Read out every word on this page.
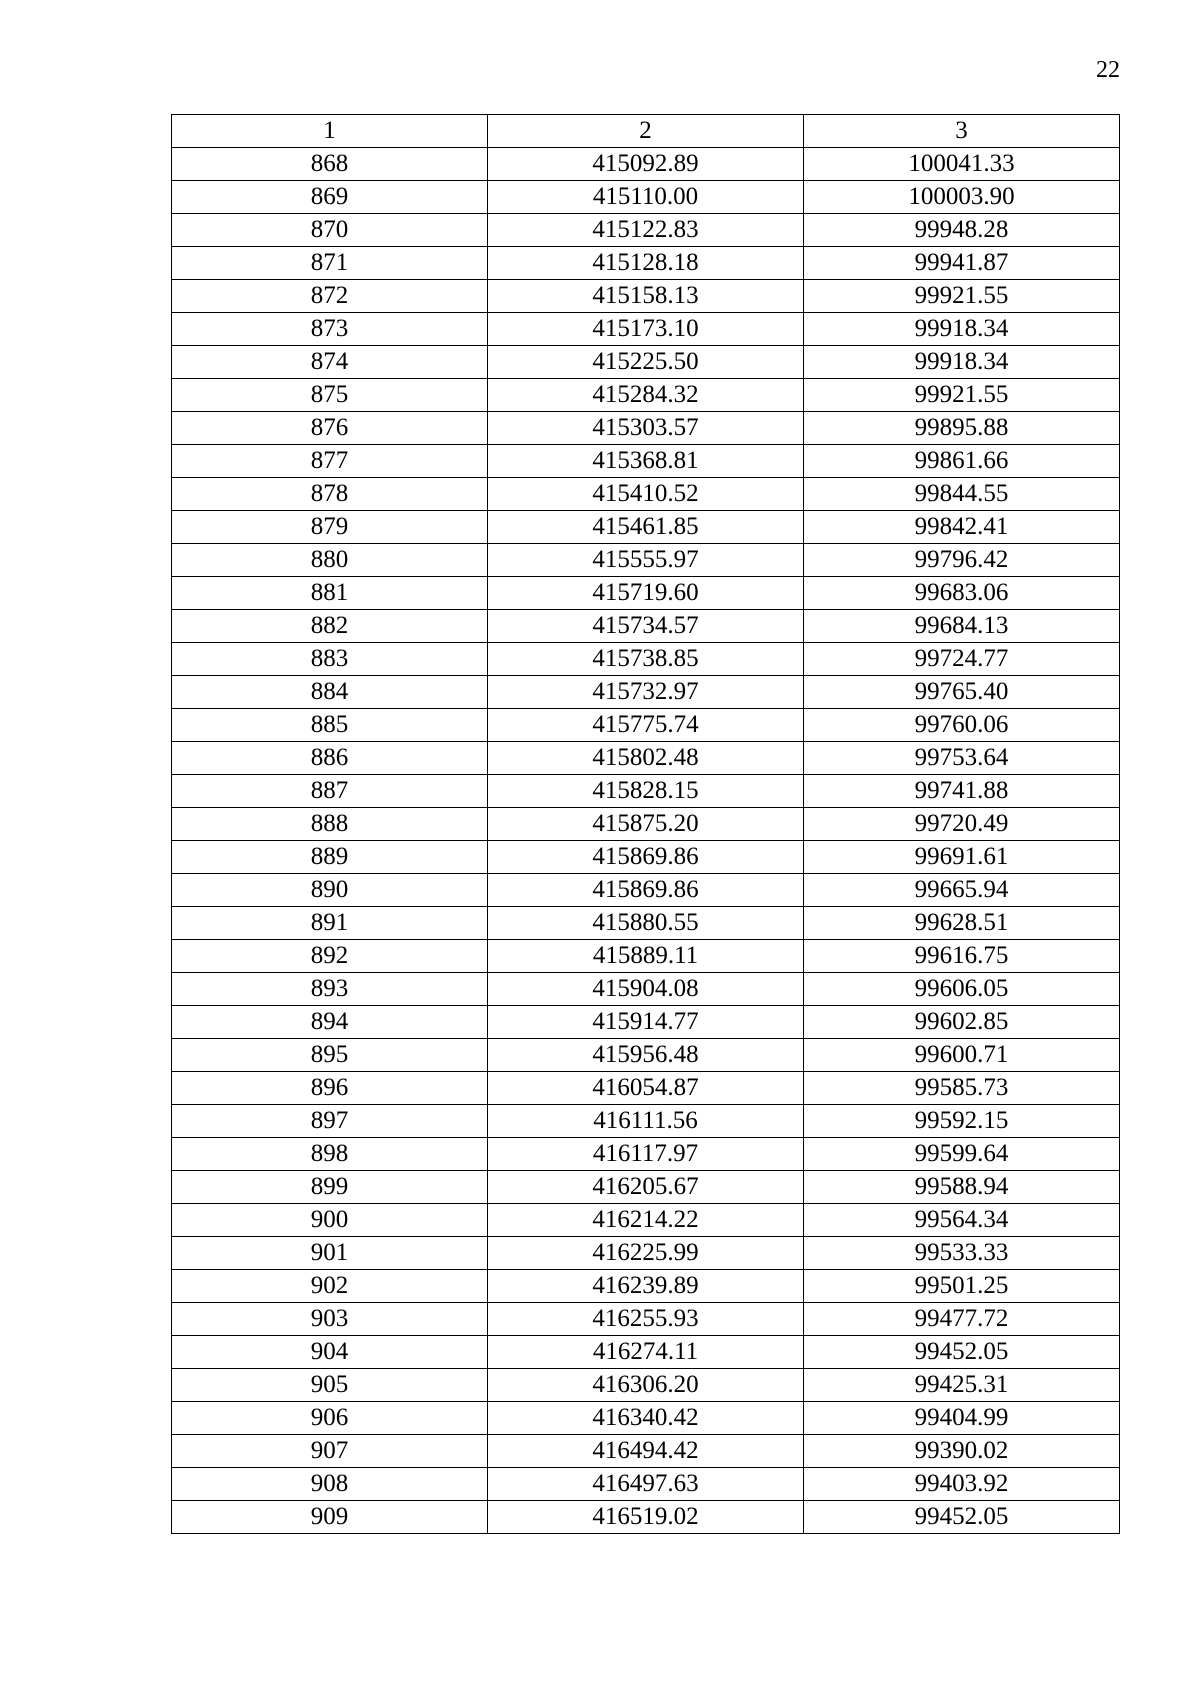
22
1	2	3
868	415092.89	100041.33
869	415110.00	100003.90
870	415122.83	99948.28
871	415128.18	99941.87
872	415158.13	99921.55
873	415173.10	99918.34
874	415225.50	99918.34
875	415284.32	99921.55
876	415303.57	99895.88
877	415368.81	99861.66
878	415410.52	99844.55
879	415461.85	99842.41
880	415555.97	99796.42
881	415719.60	99683.06
882	415734.57	99684.13
883	415738.85	99724.77
884	415732.97	99765.40
885	415775.74	99760.06
886	415802.48	99753.64
887	415828.15	99741.88
888	415875.20	99720.49
889	415869.86	99691.61
890	415869.86	99665.94
891	415880.55	99628.51
892	415889.11	99616.75
893	415904.08	99606.05
894	415914.77	99602.85
895	415956.48	99600.71
896	416054.87	99585.73
897	416111.56	99592.15
898	416117.97	99599.64
899	416205.67	99588.94
900	416214.22	99564.34
901	416225.99	99533.33
902	416239.89	99501.25
903	416255.93	99477.72
904	416274.11	99452.05
905	416306.20	99425.31
906	416340.42	99404.99
907	416494.42	99390.02
908	416497.63	99403.92
909	416519.02	99452.05
